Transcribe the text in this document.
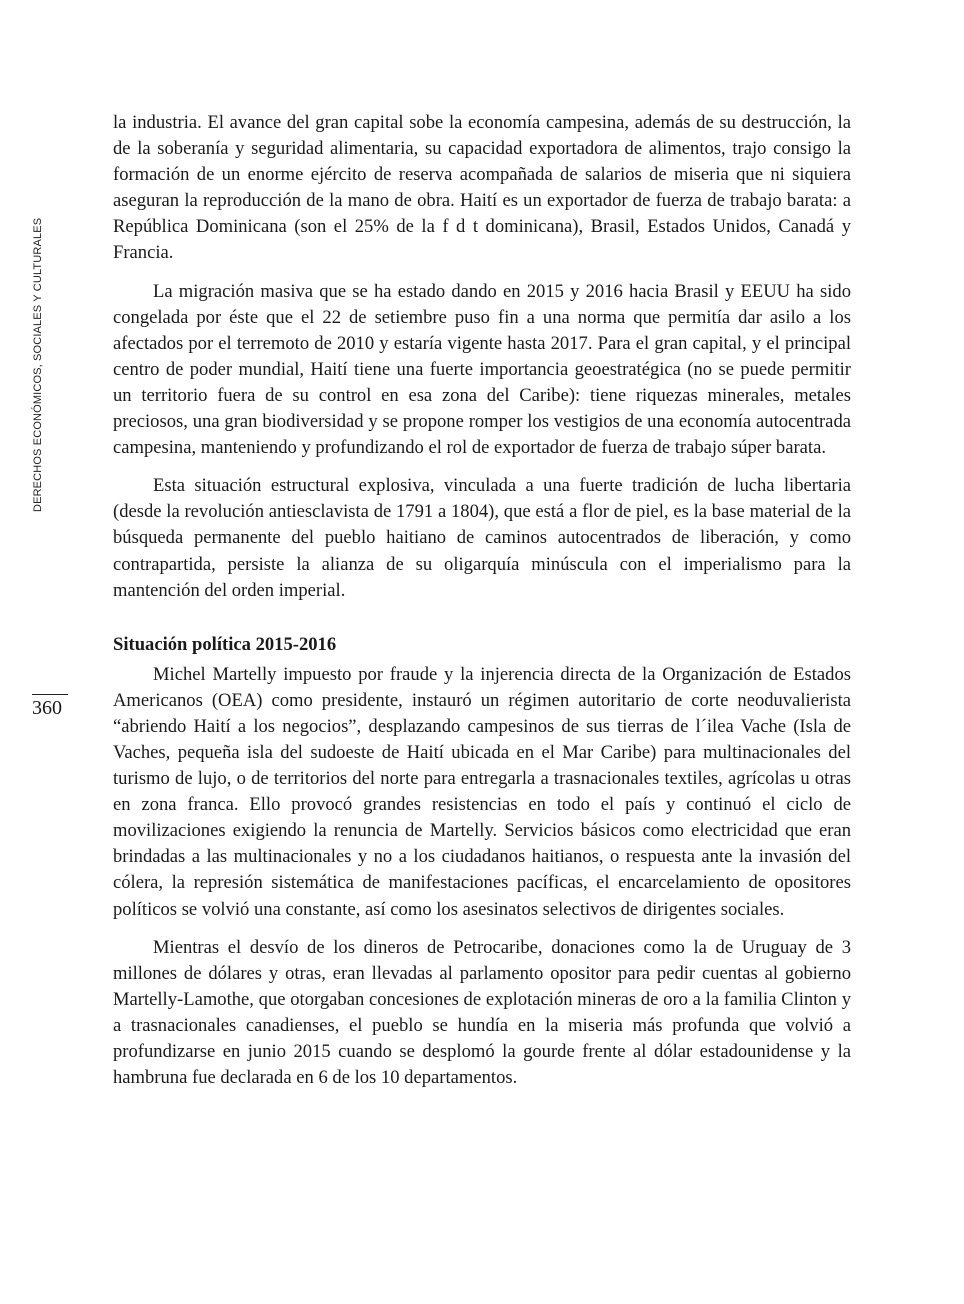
DERECHOS ECONÓMICOS, SOCIALES Y CULTURALES
360

la industria. El avance del gran capital sobe la economía campesina, además de su destrucción, la de la soberanía y seguridad alimentaria, su capacidad exportadora de alimentos, trajo consigo la formación de un enorme ejército de reserva acompañada de salarios de miseria que ni siquiera aseguran la reproducción de la mano de obra. Haití es un exportador de fuerza de trabajo barata: a República Dominicana (son el 25% de la f d t dominicana), Brasil, Estados Unidos, Canadá y Francia.

La migración masiva que se ha estado dando en 2015 y 2016 hacia Brasil y EEUU ha sido congelada por éste que el 22 de setiembre puso fin a una norma que permitía dar asilo a los afectados por el terremoto de 2010 y estaría vigente hasta 2017. Para el gran capital, y el principal centro de poder mundial, Haití tiene una fuerte importancia geoestratégica (no se puede permitir un territorio fuera de su control en esa zona del Caribe): tiene riquezas minerales, metales preciosos, una gran biodiversidad y se propone romper los vestigios de una economía autocentrada campesina, manteniendo y profundizando el rol de exportador de fuerza de trabajo súper barata.

Esta situación estructural explosiva, vinculada a una fuerte tradición de lucha libertaria (desde la revolución antiesclavista de 1791 a 1804), que está a flor de piel, es la base material de la búsqueda permanente del pueblo haitiano de caminos autocentrados de liberación, y como contrapartida, persiste la alianza de su oligarquía minúscula con el imperialismo para la mantención del orden imperial.

Situación política 2015-2016

Michel Martelly impuesto por fraude y la injerencia directa de la Organización de Estados Americanos (OEA) como presidente, instauró un régimen autoritario de corte neoduvalierista “abriendo Haití a los negocios”, desplazando campesinos de sus tierras de l´ilea Vache (Isla de Vaches, pequeña isla del sudoeste de Haití ubicada en el Mar Caribe) para multinacionales del turismo de lujo, o de territorios del norte para entregarla a trasnacionales textiles, agrícolas u otras en zona franca. Ello provocó grandes resistencias en todo el país y continuó el ciclo de movilizaciones exigiendo la renuncia de Martelly. Servicios básicos como electricidad que eran brindadas a las multinacionales y no a los ciudadanos haitianos, o respuesta ante la invasión del cólera, la represión sistemática de manifestaciones pacíficas, el encarcelamiento de opositores políticos se volvió una constante, así como los asesinatos selectivos de dirigentes sociales.

Mientras el desvío de los dineros de Petrocaribe, donaciones como la de Uruguay de 3 millones de dólares y otras, eran llevadas al parlamento opositor para pedir cuentas al gobierno Martelly-Lamothe, que otorgaban concesiones de explotación mineras de oro a la familia Clinton y a trasnacionales canadienses, el pueblo se hundía en la miseria más profunda que volvió a profundizarse en junio 2015 cuando se desplomó la gourde frente al dólar estadounidense y la hambruna fue declarada en 6 de los 10 departamentos.
